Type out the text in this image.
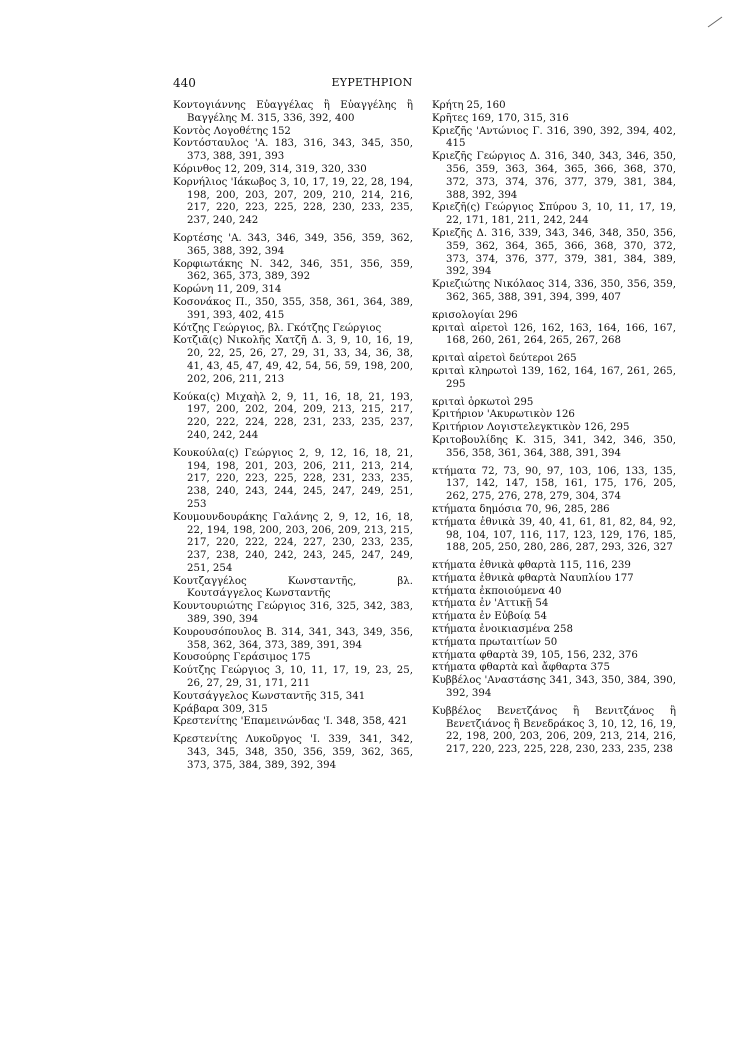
440	ΕΥΡΕΤΗΡΙΟΝ

Κοντογιάννης Εὐαγγέλας ἢ Εὐαγγέλης ἢ Βαγγέλης Μ. 315, 336, 392, 400

Κοντὸς Λογοθέτης 152

Κοντόσταυλος 'Α. 183, 316, 343, 345, 350, 373, 388, 391, 393

Κόρινθος 12, 209, 314, 319, 320, 330

Κορνήλιος 'Ιάκωβος 3, 10, 17, 19, 22, 28, 194, 198, 200, 203, 207, 209, 210, 214, 216, 217, 220, 223, 225, 228, 230, 233, 235, 237, 240, 242

Κορτέσης 'Α. 343, 346, 349, 356, 359, 362, 365, 388, 392, 394

Κορφιωτάκης Ν. 342, 346, 351, 356, 359, 362, 365, 373, 389, 392

Κορώνη 11, 209, 314

Κοσονάκος Π., 350, 355, 358, 361, 364, 389, 391, 393, 402, 415

Κότζης Γεώργιος, βλ. Γκότζης Γεώργιος

Κοτζιᾶ(ς) Νικολῆς Χατζῆ Δ. 3, 9, 10, 16, 19, 20, 22, 25, 26, 27, 29, 31, 33, 34, 36, 38, 41, 43, 45, 47, 49, 42, 54, 56, 59, 198, 200, 202, 206, 211, 213

Κούκα(ς) Μιχαὴλ 2, 9, 11, 16, 18, 21, 193, 197, 200, 202, 204, 209, 213, 215, 217, 220, 222, 224, 228, 231, 233, 235, 237, 240, 242, 244

Κουκούλα(ς) Γεώργιος 2, 9, 12, 16, 18, 21, 194, 198, 201, 203, 206, 211, 213, 214, 217, 220, 223, 225, 228, 231, 233, 235, 238, 240, 243, 244, 245, 247, 249, 251, 253

Κουμουνδουράκης Γαλάνης 2, 9, 12, 16, 18, 22, 194, 198, 200, 203, 206, 209, 213, 215, 217, 220, 222, 224, 227, 230, 233, 235, 237, 238, 240, 242, 243, 245, 247, 249, 251, 254

Κουτζαγγέλος Κωνσταντῆς, βλ. Κουτσάγγελος Κωνσταντῆς

Κουντουριώτης Γεώργιος 316, 325, 342, 383, 389, 390, 394

Κουρουσόπουλος Β. 314, 341, 343, 349, 356, 358, 362, 364, 373, 389, 391, 394

Κουσούρης Γεράσιμος 175

Κούτζης Γεώργιος 3, 10, 11, 17, 19, 23, 25, 26, 27, 29, 31, 171, 211

Κουτσάγγελος Κωνσταντῆς 315, 341

Κράβαρα 309, 315

Κρεστενίτης 'Επαμεινώνδας 'Ι. 348, 358, 421

Κρεστενίτης Λυκοῦργος 'Ι. 339, 341, 342, 343, 345, 348, 350, 356, 359, 362, 365, 373, 375, 384, 389, 392, 394

Κρήτη 25, 160

Κρῆτες 169, 170, 315, 316

Κριεζῆς 'Αντώνιος Γ. 316, 390, 392, 394, 402, 415

Κριεζῆς Γεώργιος Δ. 316, 340, 343, 346, 350, 356, 359, 363, 364, 365, 366, 368, 370, 372, 373, 374, 376, 377, 379, 381, 384, 388, 392, 394

Κριεζῆ(ς) Γεώργιος Σπύρου 3, 10, 11, 17, 19, 22, 171, 181, 211, 242, 244

Κριεζῆς Δ. 316, 339, 343, 346, 348, 350, 356, 359, 362, 364, 365, 366, 368, 370, 372, 373, 374, 376, 377, 379, 381, 384, 389, 392, 394

Κριεζιώτης Νικόλαος 314, 336, 350, 356, 359, 362, 365, 388, 391, 394, 399, 407

κρισολογίαι 296

κριταὶ αἱρετοὶ 126, 162, 163, 164, 166, 167, 168, 260, 261, 264, 265, 267, 268

κριταὶ αἱρετοὶ δεύτεροι 265

κριταὶ κληρωτοὶ 139, 162, 164, 167, 261, 265, 295

κριταὶ ὁρκωτοὶ 295

Κριτήριον 'Ακυρωτικὸν 126

Κριτήριον Λογιστελεγκτικὸν 126, 295

Κριτοβουλίδης Κ. 315, 341, 342, 346, 350, 356, 358, 361, 364, 388, 391, 394

κτήματα 72, 73, 90, 97, 103, 106, 133, 135, 137, 142, 147, 158, 161, 175, 176, 205, 262, 275, 276, 278, 279, 304, 374

κτήματα δημόσια 70, 96, 285, 286

κτήματα ἐθνικὰ 39, 40, 41, 61, 81, 82, 84, 92, 98, 104, 107, 116, 117, 123, 129, 176, 185, 188, 205, 250, 280, 286, 287, 293, 326, 327

κτήματα ἐθνικὰ φθαρτὰ 115, 116, 239

κτήματα ἐθνικὰ φθαρτὰ Ναυπλίου 177

κτήματα ἐκποιούμενα 40

κτήματα ἐν 'Αττικῇ 54

κτήματα ἐν Εὐβοίᾳ 54

κτήματα ἐνοικιασμένα 258

κτήματα πρωταιτίων 50

κτήματα φθαρτὰ 39, 105, 156, 232, 376

κτήματα φθαρτὰ καὶ ἄφθαρτα 375

Κυββέλος 'Αναστάσης 341, 343, 350, 384, 390, 392, 394

Κυββέλος Βενετζάνος ἢ Βενιτζάνος ἢ Βενετζιάνος ἢ Βενεδράκος 3, 10, 12, 16, 19, 22, 198, 200, 203, 206, 209, 213, 214, 216, 217, 220, 223, 225, 228, 230, 233, 235, 238
